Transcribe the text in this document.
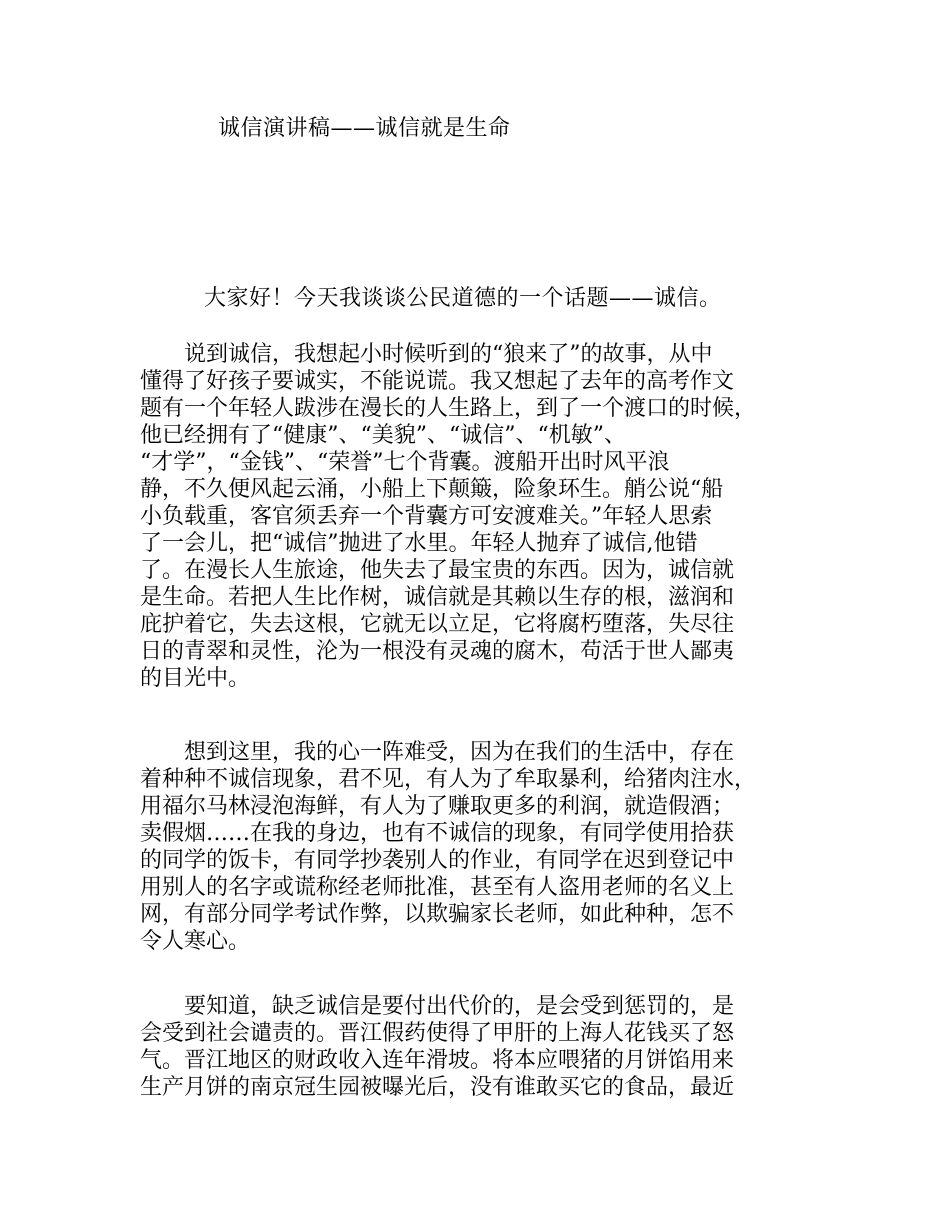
诚信演讲稿——诚信就是生命
大家好！今天我谈谈公民道德的一个话题——诚信。
　　说到诚信，我想起小时候听到的“狼来了”的故事，从中
懂得了好孩子要诚实，不能说谎。我又想起了去年的高考作文
题有一个年轻人跋涉在漫长的人生路上，到了一个渡口的时候，
他已经拥有了“健康”、“美貌”、“诚信”、“机敏”、
“才学”，“金钱”、“荣誉”七个背囊。渡船开出时风平浪
静，不久便风起云涌，小船上下颠簸，险象环生。艄公说“船
小负载重，客官须丢弃一个背囊方可安渡难关。”年轻人思索
了一会儿，把“诚信”抛进了水里。年轻人抛弃了诚信,他错
了。在漫长人生旅途，他失去了最宝贵的东西。因为，诚信就
是生命。若把人生比作树，诚信就是其赖以生存的根，滋润和
庇护着它，失去这根，它就无以立足，它将腐朽堕落，失尽往
日的青翠和灵性，沦为一根没有灵魂的腐木，苟活于世人鄙夷
的目光中。
　　想到这里，我的心一阵难受，因为在我们的生活中，存在
着种种不诚信现象，君不见，有人为了牟取暴利，给猪肉注水，
用福尔马林浸泡海鲜，有人为了赚取更多的利润，就造假酒；
卖假烟……在我的身边，也有不诚信的现象，有同学使用拾获
的同学的饭卡，有同学抄袭别人的作业，有同学在迟到登记中
用别人的名字或谎称经老师批准，甚至有人盗用老师的名义上
网，有部分同学考试作弊，以欺骗家长老师，如此种种，怎不
令人寒心。
　　要知道，缺乏诚信是要付出代价的，是会受到惩罚的，是
会受到社会谴责的。晋江假药使得了甲肝的上海人花钱买了怒
气。晋江地区的财政收入连年滑坡。将本应喂猪的月饼馅用来
生产月饼的南京冠生园被曝光后，没有谁敢买它的食品，最近
